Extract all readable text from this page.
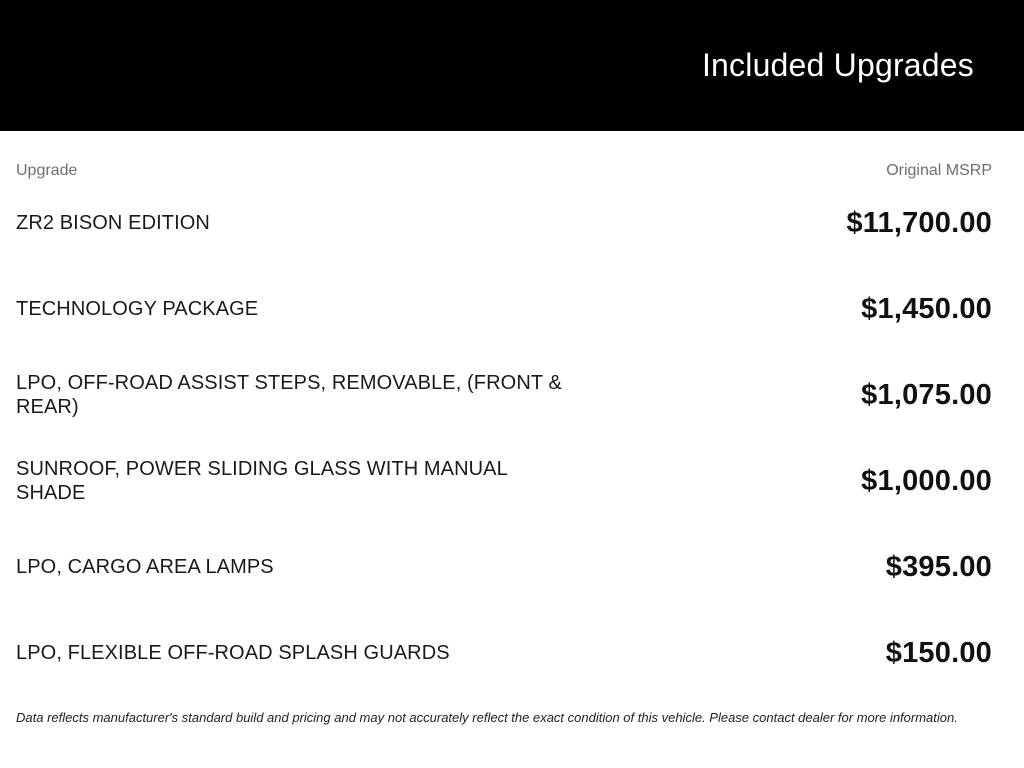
Included Upgrades
Upgrade	Original MSRP
ZR2 BISON EDITION	$11,700.00
TECHNOLOGY PACKAGE	$1,450.00
LPO, OFF-ROAD ASSIST STEPS, REMOVABLE, (FRONT & REAR)	$1,075.00
SUNROOF, POWER SLIDING GLASS WITH MANUAL SHADE	$1,000.00
LPO, CARGO AREA LAMPS	$395.00
LPO, FLEXIBLE OFF-ROAD SPLASH GUARDS	$150.00
Data reflects manufacturer's standard build and pricing and may not accurately reflect the exact condition of this vehicle. Please contact dealer for more information.
